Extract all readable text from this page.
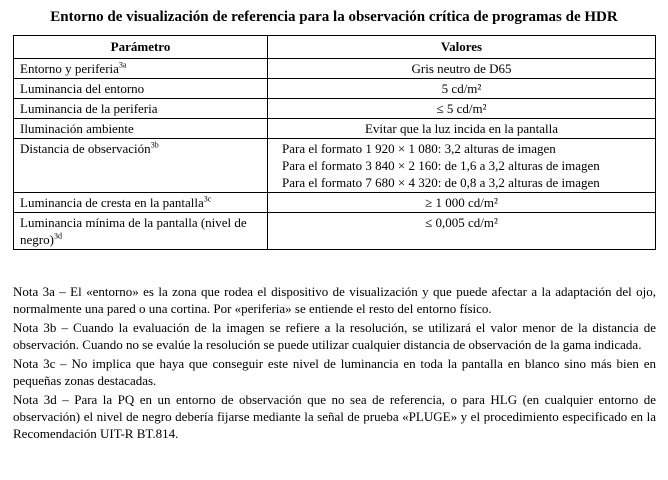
Entorno de visualización de referencia para la observación crítica de programas de HDR
Parámetro	Valores
Entorno y periferia$^{3a}$	Gris neutro de D65
Luminancia del entorno	5 cd/m²
Luminancia de la periferia	≤ 5 cd/m²
Iluminación ambiente	Evitar que la luz incida en la pantalla
Distancia de observación$^{3b}$	Para el formato 1 920 × 1 080: 3,2 alturas de imagen
Para el formato 3 840 × 2 160: de 1,6 a 3,2 alturas de imagen
Para el formato 7 680 × 4 320: de 0,8 a 3,2 alturas de imagen

Luminancia de cresta en la pantalla$^{3c}$	≥ 1 000 cd/m²
Luminancia mínima de la pantalla (nivel de negro)$^{3d}$	≤ 0,005 cd/m²

Nota 3a – El «entorno» es la zona que rodea el dispositivo de visualización y que puede afectar a la adaptación del ojo, normalmente una pared o una cortina. Por «periferia» se entiende el resto del entorno físico.

Nota 3b – Cuando la evaluación de la imagen se refiere a la resolución, se utilizará el valor menor de la distancia de observación. Cuando no se evalúe la resolución se puede utilizar cualquier distancia de observación de la gama indicada.

Nota 3c – No implica que haya que conseguir este nivel de luminancia en toda la pantalla en blanco sino más bien en pequeñas zonas destacadas.

Nota 3d – Para la PQ en un entorno de observación que no sea de referencia, o para HLG (en cualquier entorno de observación) el nivel de negro debería fijarse mediante la señal de prueba «PLUGE» y el procedimiento especificado en la Recomendación UIT-R BT.814.
